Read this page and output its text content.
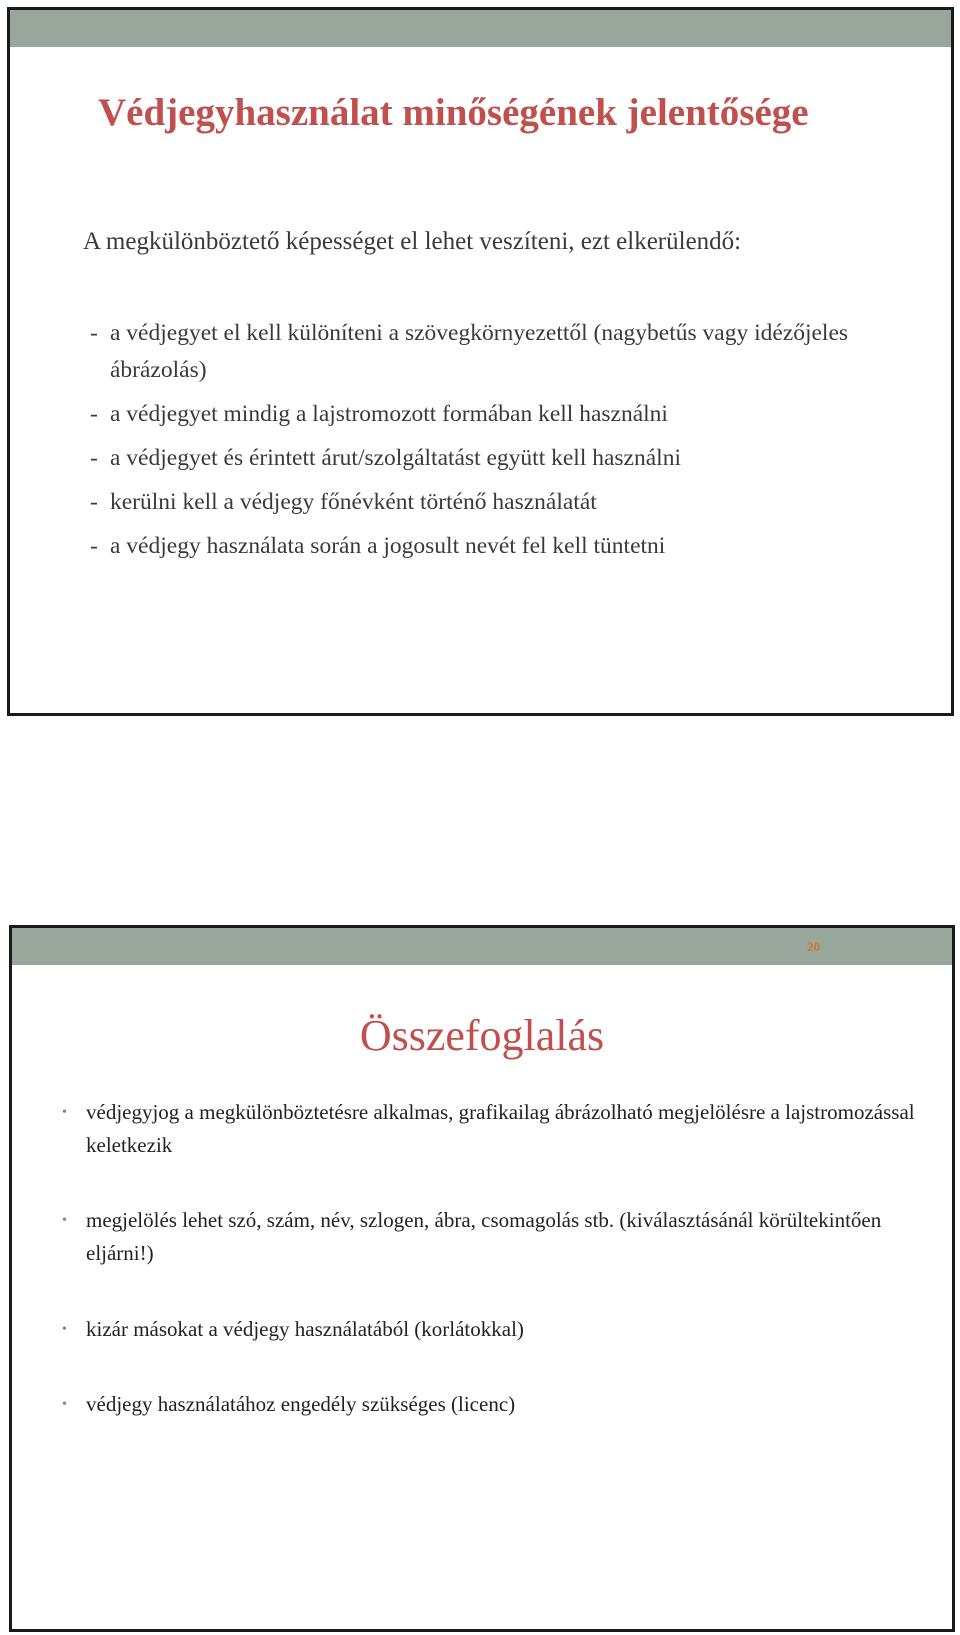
Védjegyhasználat minőségének jelentősége

A megkülönböztető képességet el lehet veszíteni, ezt elkerülendő:

- a védjegyet el kell különíteni a szövegkörnyezettől (nagybetűs vagy idézőjeles ábrázolás)
- a védjegyet mindig a lajstromozott formában kell használni
- a védjegyet és érintett árut/szolgáltatást együtt kell használni
- kerülni kell a védjegy főnévként történő használatát
- a védjegy használata során a jogosult nevét fel kell tüntetni
20
Összefoglalás
• védjegyjog a megkülönböztetésre alkalmas, grafikailag ábrázolható megjelölésre a lajstromozással keletkezik
• megjelölés lehet szó, szám, név, szlogen, ábra, csomagolás stb. (kiválasztásánál körültekintően eljárni!)
• kizár másokat a védjegy használatából (korlátokkal)
• védjegy használatához engedély szükséges (licenc)
